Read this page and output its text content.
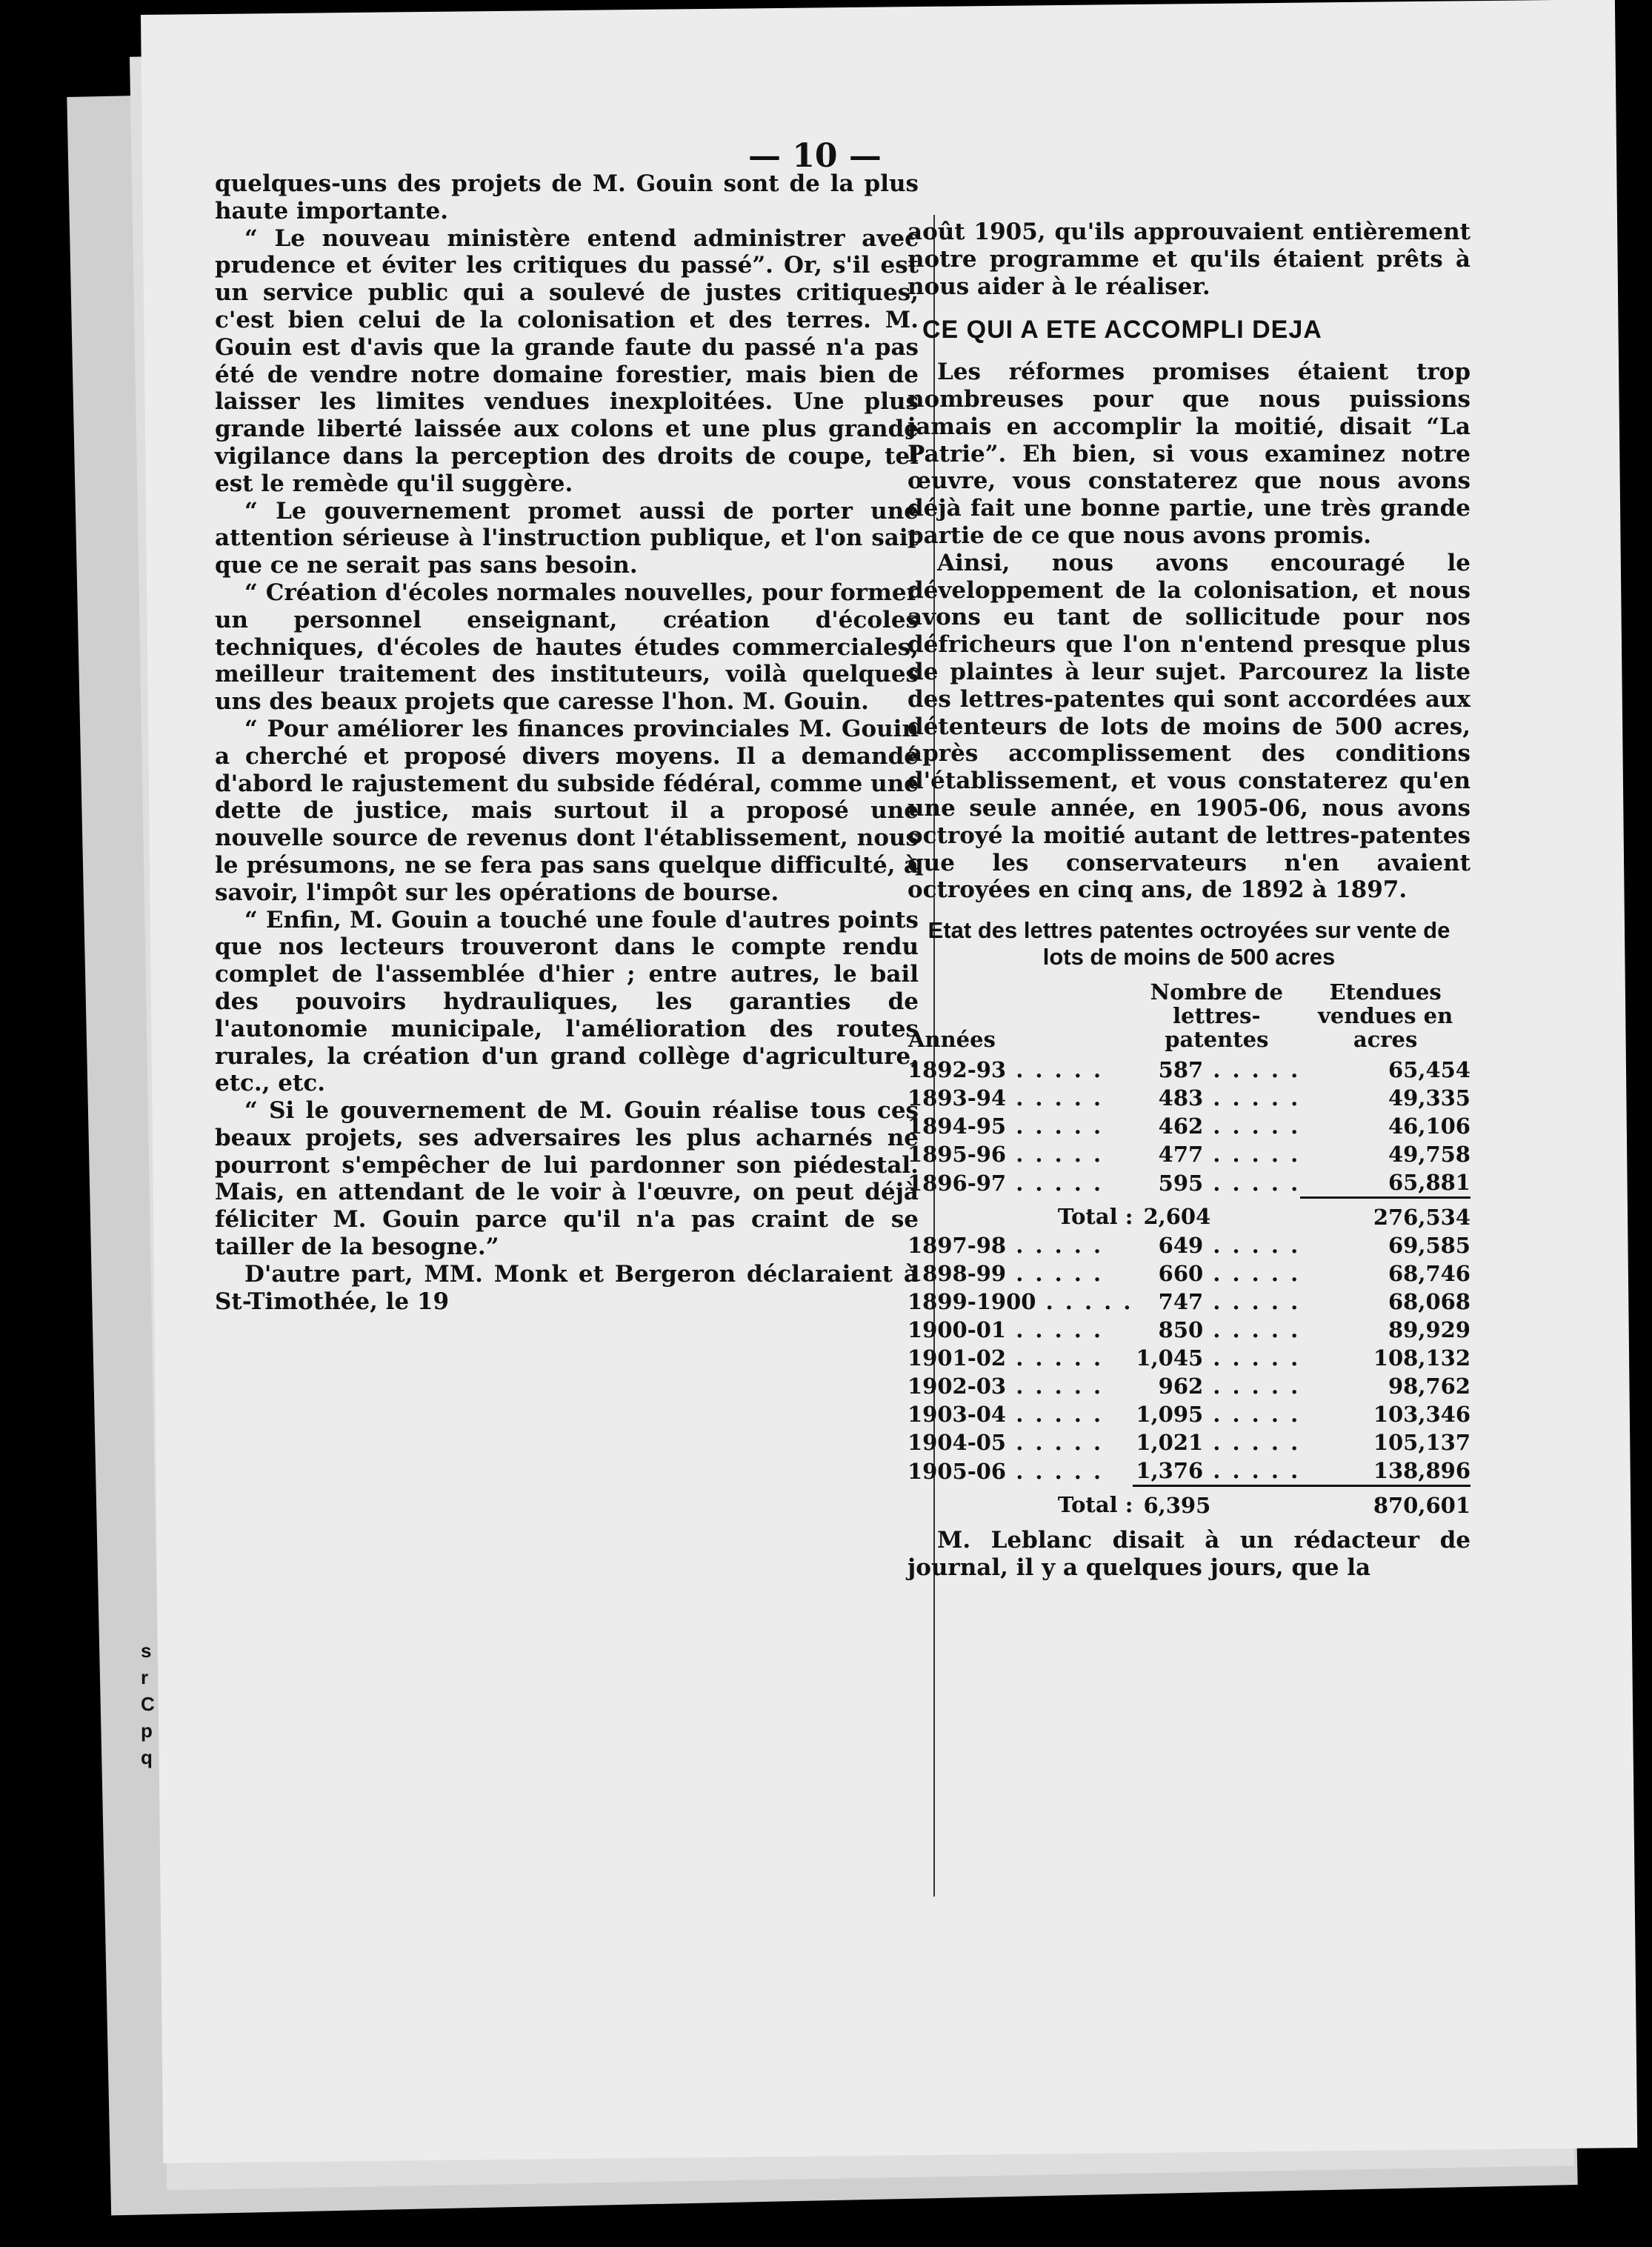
s
r
C
p
q
— 10 —

quelques-uns des projets de M. Gouin sont de la plus haute importante.

“ Le nouveau ministère entend administrer avec prudence et éviter les critiques du passé”. Or, s'il est un service public qui a soulevé de justes critiques, c'est bien celui de la colonisation et des terres. M. Gouin est d'avis que la grande faute du passé n'a pas été de vendre notre domaine forestier, mais bien de laisser les limites vendues inexploitées. Une plus grande liberté laissée aux colons et une plus grande vigilance dans la perception des droits de coupe, tel est le remède qu'il suggère.

“ Le gouvernement promet aussi de porter une attention sérieuse à l'instruction publique, et l'on sait que ce ne serait pas sans besoin.

“ Création d'écoles normales nouvelles, pour former un personnel enseignant, création d'écoles techniques, d'écoles de hautes études commerciales, meilleur traitement des instituteurs, voilà quelques uns des beaux projets que caresse l'hon. M. Gouin.

“ Pour améliorer les finances provinciales M. Gouin a cherché et proposé divers moyens. Il a demandé d'abord le rajustement du subside fédéral, comme une dette de justice, mais surtout il a proposé une nouvelle source de revenus dont l'établissement, nous le présumons, ne se fera pas sans quelque difficulté, à savoir, l'impôt sur les opérations de bourse.

“ Enfin, M. Gouin a touché une foule d'autres points que nos lecteurs trouveront dans le compte rendu complet de l'assemblée d'hier ; entre autres, le bail des pouvoirs hydrauliques, les garanties de l'autonomie municipale, l'amélioration des routes rurales, la création d'un grand collège d'agriculture, etc., etc.

“ Si le gouvernement de M. Gouin réalise tous ces beaux projets, ses adversaires les plus acharnés ne pourront s'empêcher de lui pardonner son piédestal. Mais, en attendant de le voir à l'œuvre, on peut déjà féliciter M. Gouin parce qu'il n'a pas craint de se tailler de la besogne.”

D'autre part, MM. Monk et Bergeron déclaraient à St-Timothée, le 19

août 1905, qu'ils approuvaient entièrement notre programme et qu'ils étaient prêts à nous aider à le réaliser.

CE QUI A ETE ACCOMPLI DEJA

Les réformes promises étaient trop nombreuses pour que nous puissions jamais en accomplir la moitié, disait “La Patrie”. Eh bien, si vous examinez notre œuvre, vous constaterez que nous avons déjà fait une bonne partie, une très grande partie de ce que nous avons promis.

Ainsi, nous avons encouragé le développement de la colonisation, et nous avons eu tant de sollicitude pour nos défricheurs que l'on n'entend presque plus de plaintes à leur sujet. Parcourez la liste des lettres-patentes qui sont accordées aux détenteurs de lots de moins de 500 acres, après accomplissement des conditions d'établissement, et vous constaterez qu'en une seule année, en 1905-06, nous avons octroyé la moitié autant de lettres-patentes que les conservateurs n'en avaient octroyées en cinq ans, de 1892 à 1897.

Etat des lettres patentes octroyées sur vente de lots de moins de 500 acres
Années	Nombre de lettres-patentes	Etendues vendues en acres
1892-93 . . .	587 . . .	65,454
1893-94 . . .	483 . . .	49,335
1894-95 . . .	462 . . .	46,106
1895-96 . . .	477 . . .	49,758
1896-97 . . .	595 . . .	65,881
Total :	2,604	276,534
1897-98 . . .	649 . . .	69,585
1898-99 . . .	660 . . .	68,746
1899-1900 . . .	747 . . .	68,068
1900-01 . . .	850 . . .	89,929
1901-02 . . .	1,045 . . .	108,132
1902-03 . . .	962 . . .	98,762
1903-04 . . .	1,095 . . .	103,346
1904-05 . . .	1,021 . . .	105,137
1905-06 . . .	1,376 . . .	138,896
Total :	6,395	870,601

M. Leblanc disait à un rédacteur de journal, il y a quelques jours, que la
